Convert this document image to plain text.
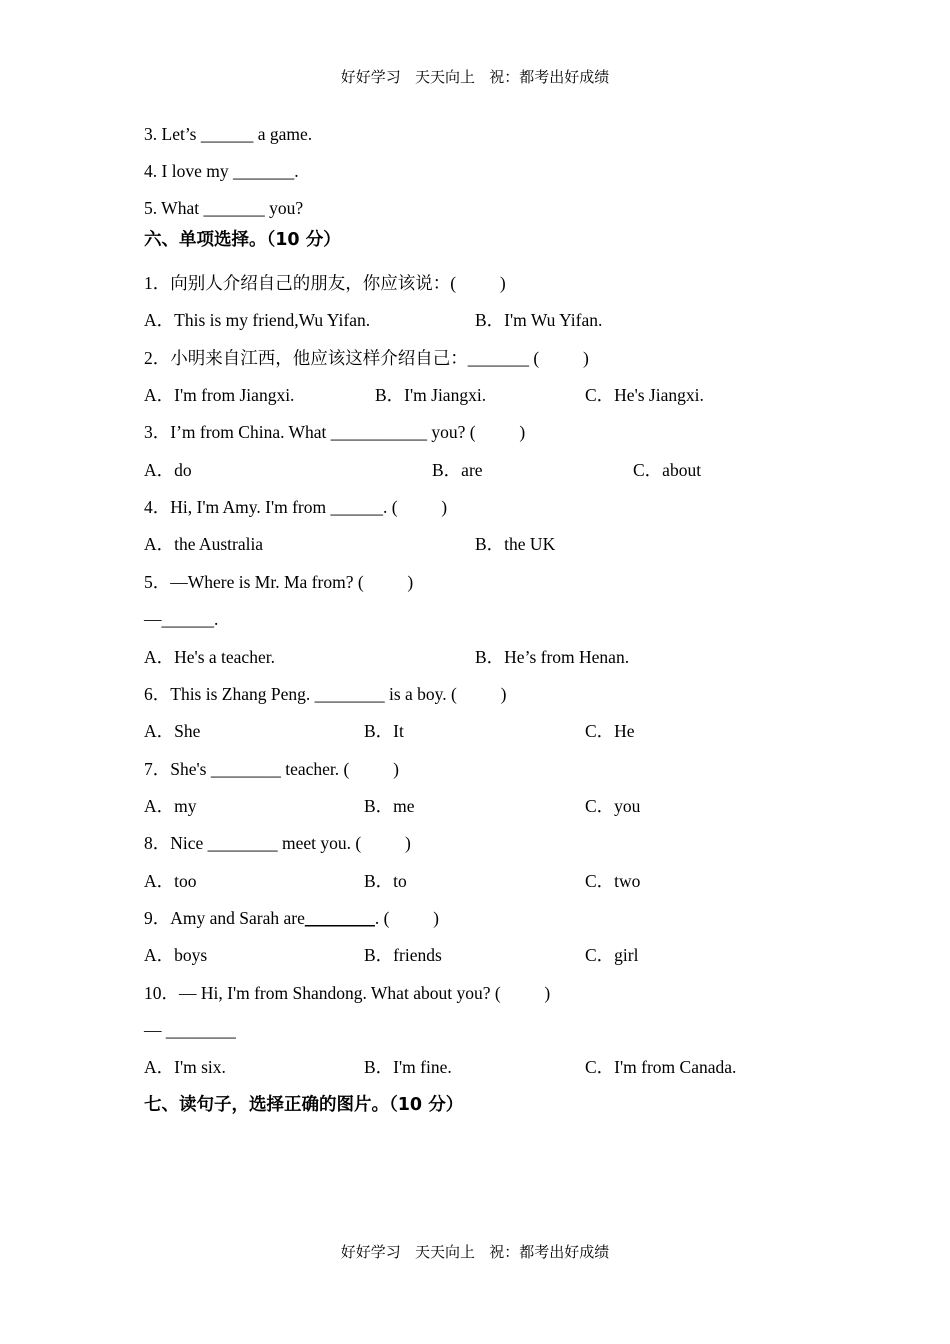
好好学习   天天向上   祝：都考出好成绩
3. Let’s ______ a game.
4. I love my _______.
5. What _______ you?
六、单项选择。（10 分）
1．向别人介绍自己的朋友，你应该说：(          )
A．This is my friend,Wu Yifan.	B．I'm Wu Yifan.
2．小明来自江西，他应该这样介绍自己：_______ (          )
A．I'm from Jiangxi.	B．I'm Jiangxi.	C．He's Jiangxi.
3．I’m from China. What ___________ you? (          )
A．do	B．are	C．about
4．Hi, I'm Amy. I'm from ______. (          )
A．the Australia	B．the UK
5．—Where is Mr. Ma from? (          )
—______.
A．He's a teacher.	B．He’s from Henan.
6．This is Zhang Peng. ________ is a boy. (          )
A．She	B．It	C．He
7．She's ________ teacher. (          )
A．my	B．me	C．you
8．Nice ________ meet you. (          )
A．too	B．to	C．two
9．Amy and Sarah are________. (          )
A．boys	B．friends	C．girl
10．— Hi, I'm from Shandong. What about you? (          )
— ________
A．I'm six.	B．I'm fine.	C．I'm from Canada.
七、读句子，选择正确的图片。（10 分）
好好学习   天天向上   祝：都考出好成绩
